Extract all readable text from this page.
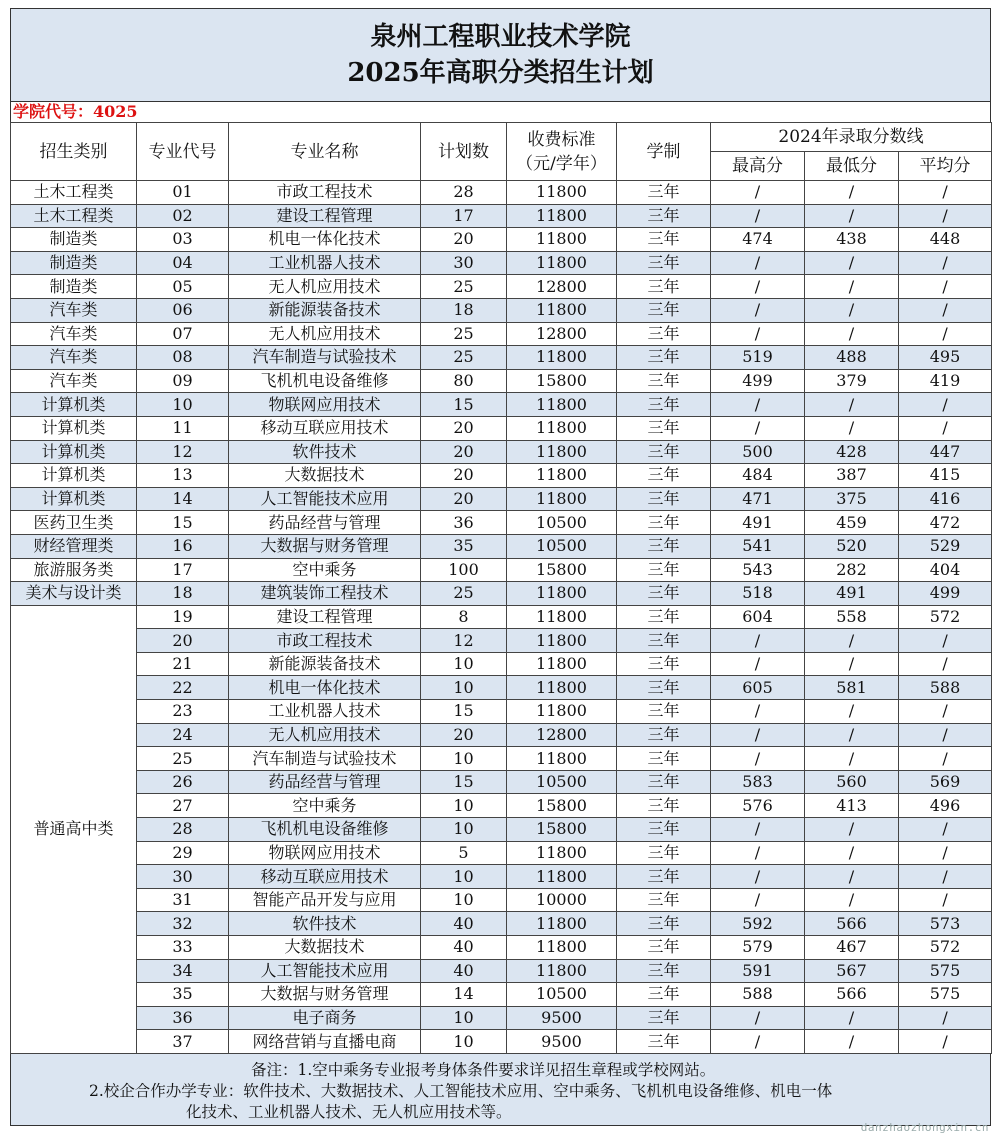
泉州工程职业技术学院
2025年高职分类招生计划
学院代号：4025
招生类别	专业代号	专业名称	计划数	收费标准
（元/学年）	学制	2024年录取分数线		
						最高分	最低分	平均分
土木工程类	01	市政工程技术	28	11800	三年	/	/	/
土木工程类	02	建设工程管理	17	11800	三年	/	/	/
制造类	03	机电一体化技术	20	11800	三年	474	438	448
制造类	04	工业机器人技术	30	11800	三年	/	/	/
制造类	05	无人机应用技术	25	12800	三年	/	/	/
汽车类	06	新能源装备技术	18	11800	三年	/	/	/
汽车类	07	无人机应用技术	25	12800	三年	/	/	/
汽车类	08	汽车制造与试验技术	25	11800	三年	519	488	495
汽车类	09	飞机机电设备维修	80	15800	三年	499	379	419
计算机类	10	物联网应用技术	15	11800	三年	/	/	/
计算机类	11	移动互联应用技术	20	11800	三年	/	/	/
计算机类	12	软件技术	20	11800	三年	500	428	447
计算机类	13	大数据技术	20	11800	三年	484	387	415
计算机类	14	人工智能技术应用	20	11800	三年	471	375	416
医药卫生类	15	药品经营与管理	36	10500	三年	491	459	472
财经管理类	16	大数据与财务管理	35	10500	三年	541	520	529
旅游服务类	17	空中乘务	100	15800	三年	543	282	404
美术与设计类	18	建筑装饰工程技术	25	11800	三年	518	491	499
普通高中类	19	建设工程管理	8	11800	三年	604	558	572
	20	市政工程技术	12	11800	三年	/	/	/
	21	新能源装备技术	10	11800	三年	/	/	/
	22	机电一体化技术	10	11800	三年	605	581	588
	23	工业机器人技术	15	11800	三年	/	/	/
	24	无人机应用技术	20	12800	三年	/	/	/
	25	汽车制造与试验技术	10	11800	三年	/	/	/
	26	药品经营与管理	15	10500	三年	583	560	569
	27	空中乘务	10	15800	三年	576	413	496
	28	飞机机电设备维修	10	15800	三年	/	/	/
	29	物联网应用技术	5	11800	三年	/	/	/
	30	移动互联应用技术	10	11800	三年	/	/	/
	31	智能产品开发与应用	10	10000	三年	/	/	/
	32	软件技术	40	11800	三年	592	566	573
	33	大数据技术	40	11800	三年	579	467	572
	34	人工智能技术应用	40	11800	三年	591	567	575
	35	大数据与财务管理	14	10500	三年	588	566	575
	36	电子商务	10	9500	三年	/	/	/
	37	网络营销与直播电商	10	9500	三年	/	/	/
备注：1.空中乘务专业报考身体条件要求详见招生章程或学校网站。
2.校企合作办学专业：软件技术、大数据技术、人工智能技术应用、空中乘务、飞机机电设备维修、机电一体
化技术、工业机器人技术、无人机应用技术等。
danzhaozhongxin.cn
